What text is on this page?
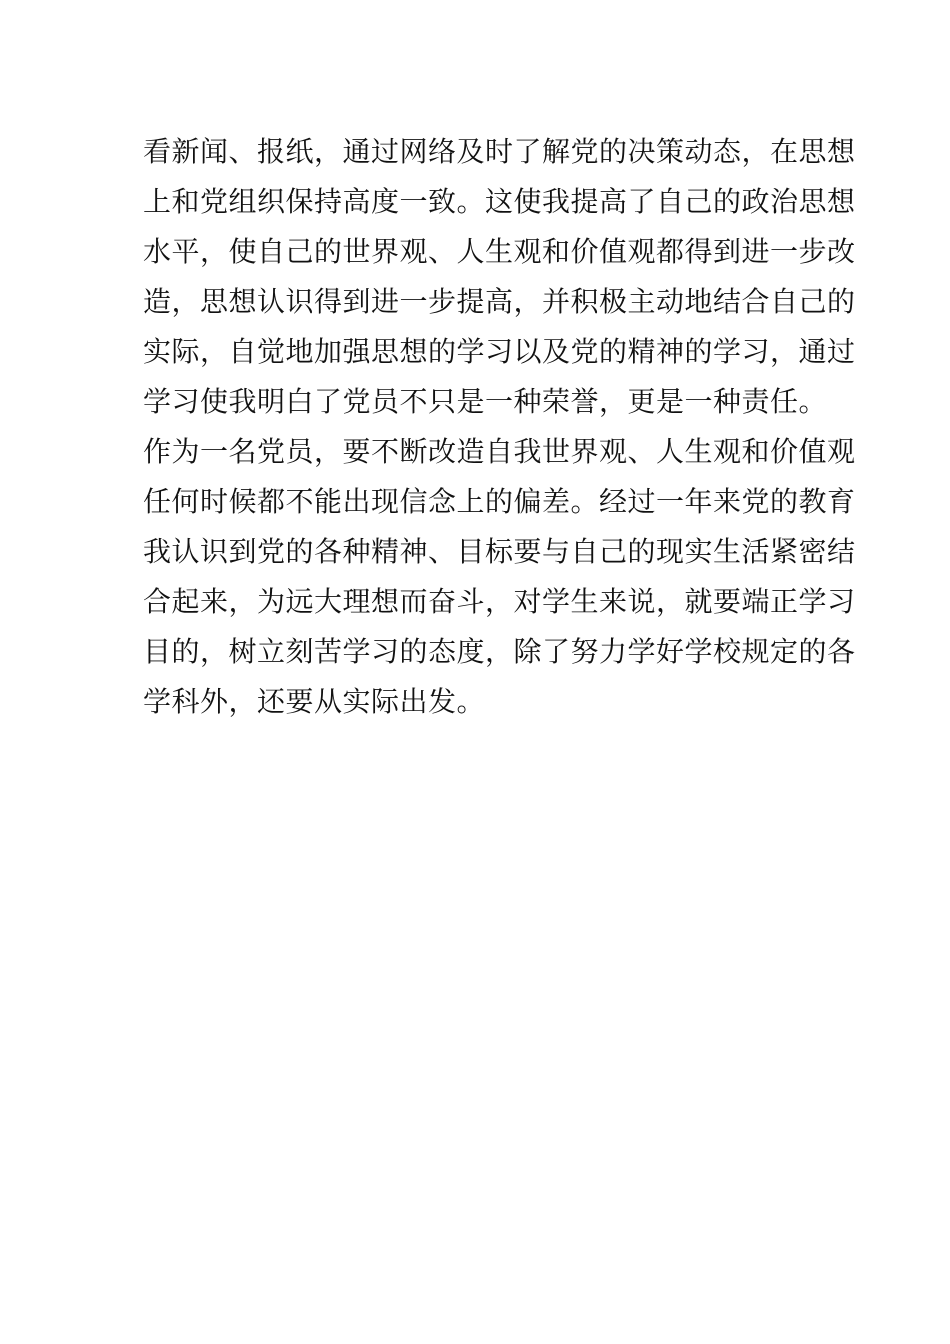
看新闻、报纸，通过网络及时了解党的决策动态，在思想
上和党组织保持高度一致。这使我提高了自己的政治思想
水平，使自己的世界观、人生观和价值观都得到进一步改
造，思想认识得到进一步提高，并积极主动地结合自己的
实际，自觉地加强思想的学习以及党的精神的学习，通过
学习使我明白了党员不只是一种荣誉，更是一种责任。
作为一名党员，要不断改造自我世界观、人生观和价值观
任何时候都不能出现信念上的偏差。经过一年来党的教育
我认识到党的各种精神、目标要与自己的现实生活紧密结
合起来，为远大理想而奋斗，对学生来说，就要端正学习
目的，树立刻苦学习的态度，除了努力学好学校规定的各
学科外，还要从实际出发。
